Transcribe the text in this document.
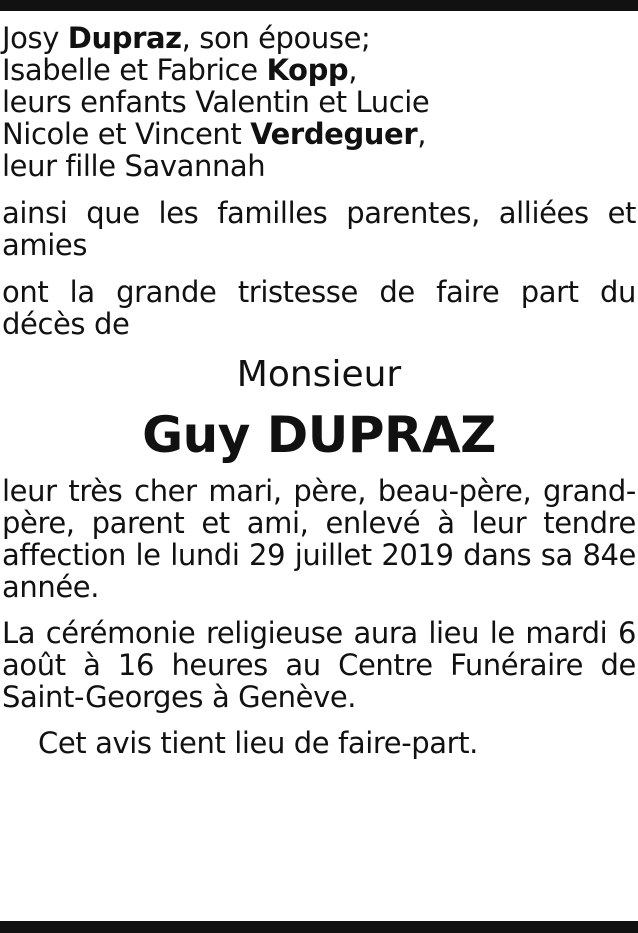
Josy Dupraz, son épouse;

Isabelle et Fabrice Kopp,

leurs enfants Valentin et Lucie

Nicole et Vincent Verdeguer,

leur fille Savannah

ainsi que les familles parentes, alliées et amies

ont la grande tristesse de faire part du décès de

Monsieur
Guy DUPRAZ

leur très cher mari, père, beau-père, grand-père, parent et ami, enlevé à leur tendre affection le lundi 29 juillet 2019 dans sa 84e année.

La cérémonie religieuse aura lieu le mardi 6 août à 16 heures au Centre Funéraire de Saint-Georges à Genève.

Cet avis tient lieu de faire-part.
